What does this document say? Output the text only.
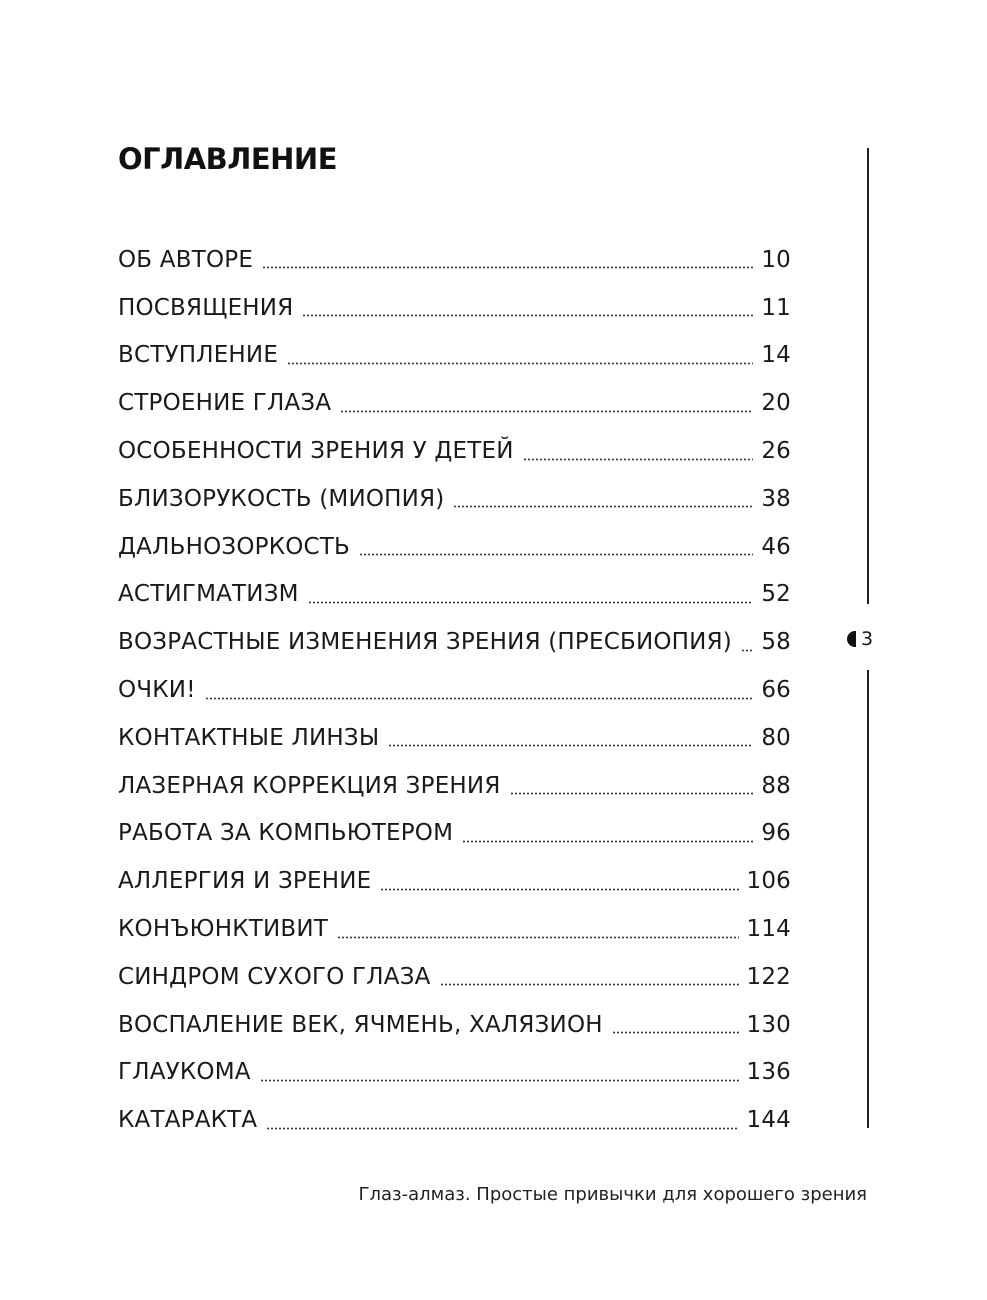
ОГЛАВЛЕНИЕ
ОБ АВТОРЕ	10
ПОСВЯЩЕНИЯ	11
ВСТУПЛЕНИЕ	14
СТРОЕНИЕ ГЛАЗА	20
ОСОБЕННОСТИ ЗРЕНИЯ У ДЕТЕЙ	26
БЛИЗОРУКОСТЬ (МИОПИЯ)	38
ДАЛЬНОЗОРКОСТЬ	46
АСТИГМАТИЗМ	52
ВОЗРАСТНЫЕ ИЗМЕНЕНИЯ ЗРЕНИЯ (ПРЕСБИОПИЯ) 58
ОЧКИ!	66
КОНТАКТНЫЕ ЛИНЗЫ	80
ЛАЗЕРНАЯ КОРРЕКЦИЯ ЗРЕНИЯ	88
РАБОТА ЗА КОМПЬЮТЕРОМ	96
АЛЛЕРГИЯ И ЗРЕНИЕ	106
КОНЪЮНКТИВИТ	114
СИНДРОМ СУХОГО ГЛАЗА	122
ВОСПАЛЕНИЕ ВЕК, ЯЧМЕНЬ, ХАЛЯЗИОН	130
ГЛАУКОМА	136
КАТАРАКТА	144
3
Глаз-алмаз. Простые привычки для хорошего зрения
